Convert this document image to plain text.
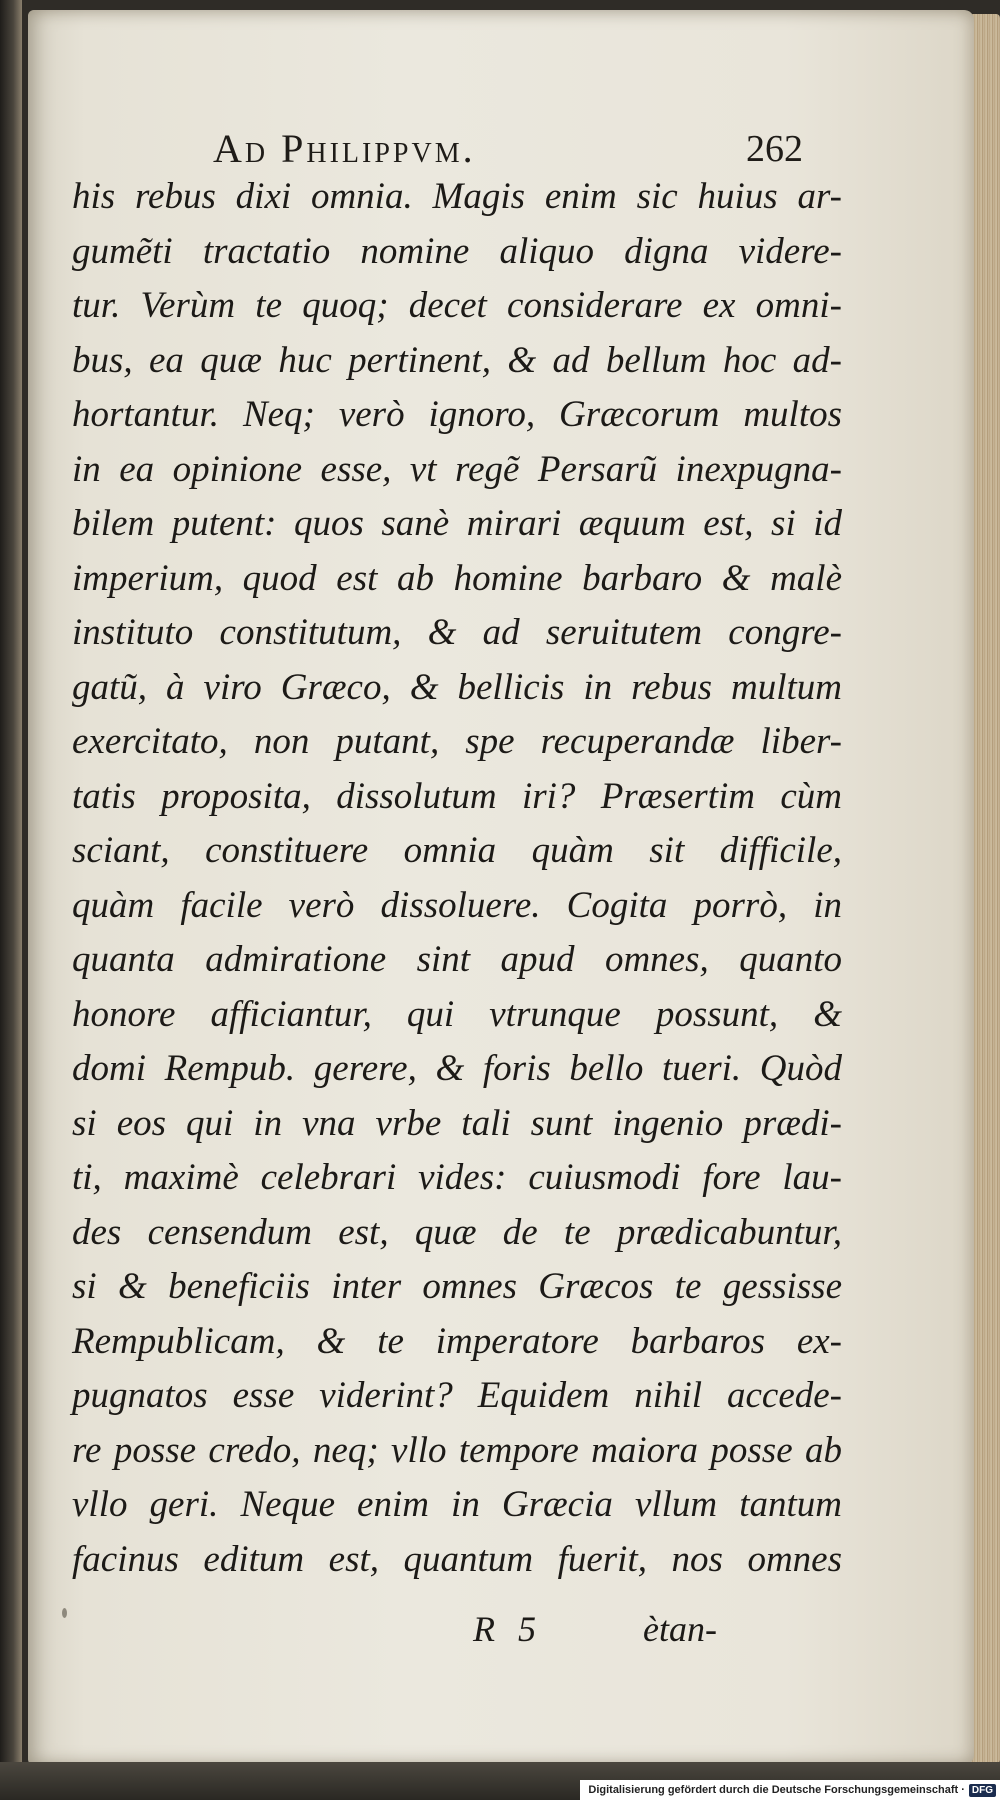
Ad Philippvm.	262
his rebus dixi omnia. Magis enim sic huius ar-
gumẽti tractatio nomine aliquo digna videre-
tur. Verùm te quoq; decet considerare ex omni-
bus, ea quæ huc pertinent, & ad bellum hoc ad-
hortantur. Neq; verò ignoro, Græcorum multos
in ea opinione esse, vt regẽ Persarũ inexpugna-
bilem putent: quos sanè mirari æquum est, si id
imperium, quod est ab homine barbaro & malè
instituto constitutum, & ad seruitutem congre-
gatũ, à viro Græco, & bellicis in rebus multum
exercitato, non putant, spe recuperandæ liber-
tatis proposita, dissolutum iri? Præsertim cùm
sciant, constituere omnia quàm sit difficile,
quàm facile verò dissoluere. Cogita porrò, in
quanta admiratione sint apud omnes, quanto
honore afficiantur, qui vtrunque possunt, &
domi Rempub. gerere, & foris bello tueri. Quòd
si eos qui in vna vrbe tali sunt ingenio prædi-
ti, maximè celebrari vides: cuiusmodi fore lau-
des censendum est, quæ de te prædicabuntur,
si & beneficiis inter omnes Græcos te gessisse
Rempublicam, & te imperatore barbaros ex-
pugnatos esse viderint? Equidem nihil accede-
re posse credo, neq; vllo tempore maiora posse ab
vllo geri. Neque enim in Græcia vllum tantum
facinus editum est, quantum fuerit, nos omnes
R 5	ètan-
Digitalisierung gefördert durch die Deutsche Forschungsgemeinschaft · DFG
